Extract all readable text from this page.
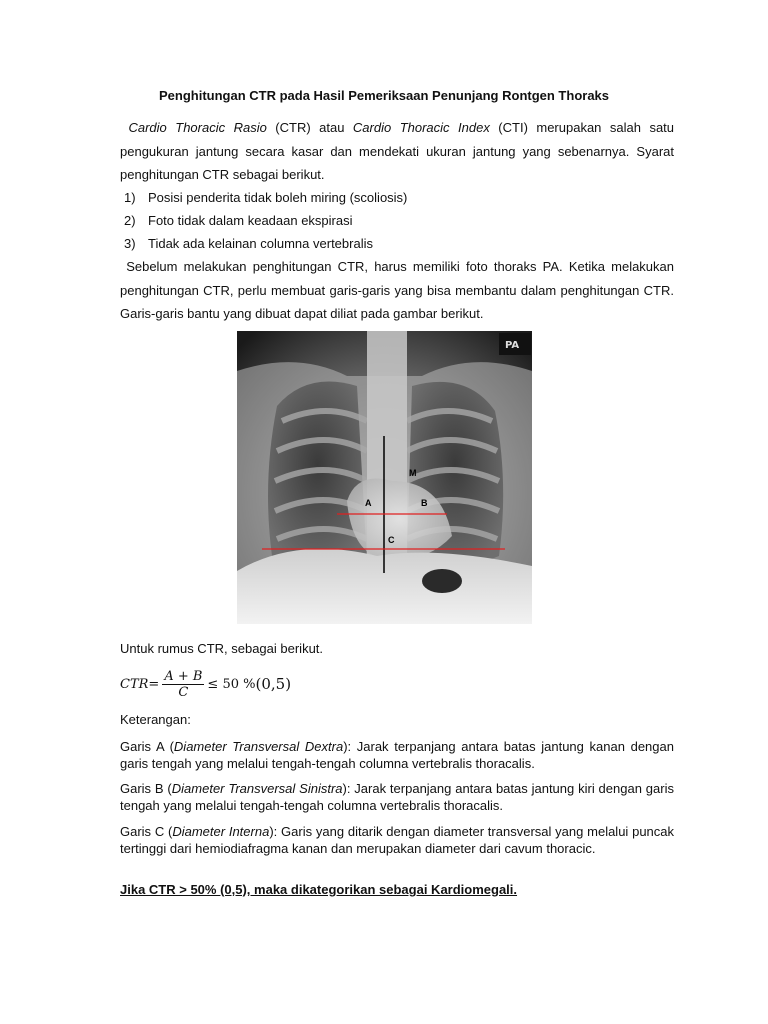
Penghitungan CTR pada Hasil Pemeriksaan Penunjang Rontgen Thoraks

Cardio Thoracic Rasio (CTR) atau Cardio Thoracic Index (CTI) merupakan salah satu pengukuran jantung secara kasar dan mendekati ukuran jantung yang sebenarnya. Syarat penghitungan CTR sebagai berikut.
1) Posisi penderita tidak boleh miring (scoliosis)
2) Foto tidak dalam keadaan ekspirasi
3) Tidak ada kelainan columna vertebralis
Sebelum melakukan penghitungan CTR, harus memiliki foto thoraks PA. Ketika melakukan penghitungan CTR, perlu membuat garis-garis yang bisa membantu dalam penghitungan CTR. Garis-garis bantu yang dibuat dapat diliat pada gambar berikut.
PA
M
A	B
C
Untuk rumus CTR, sebagai berikut.
CTR = $\frac{A + B}{C} \le 50$ % (0,5)
Keterangan:
Garis A (Diameter Transversal Dextra): Jarak terpanjang antara batas jantung kanan dengan garis tengah yang melalui tengah-tengah columna vertebralis thoracalis.
Garis B (Diameter Transversal Sinistra): Jarak terpanjang antara batas jantung kiri dengan garis tengah yang melalui tengah-tengah columna vertebralis thoracalis.
Garis C (Diameter Interna): Garis yang ditarik dengan diameter transversal yang melalui puncak tertinggi dari hemiodiafragma kanan dan merupakan diameter dari cavum thoracic.
Jika CTR > 50% (0,5), maka dikategorikan sebagai Kardiomegali.
